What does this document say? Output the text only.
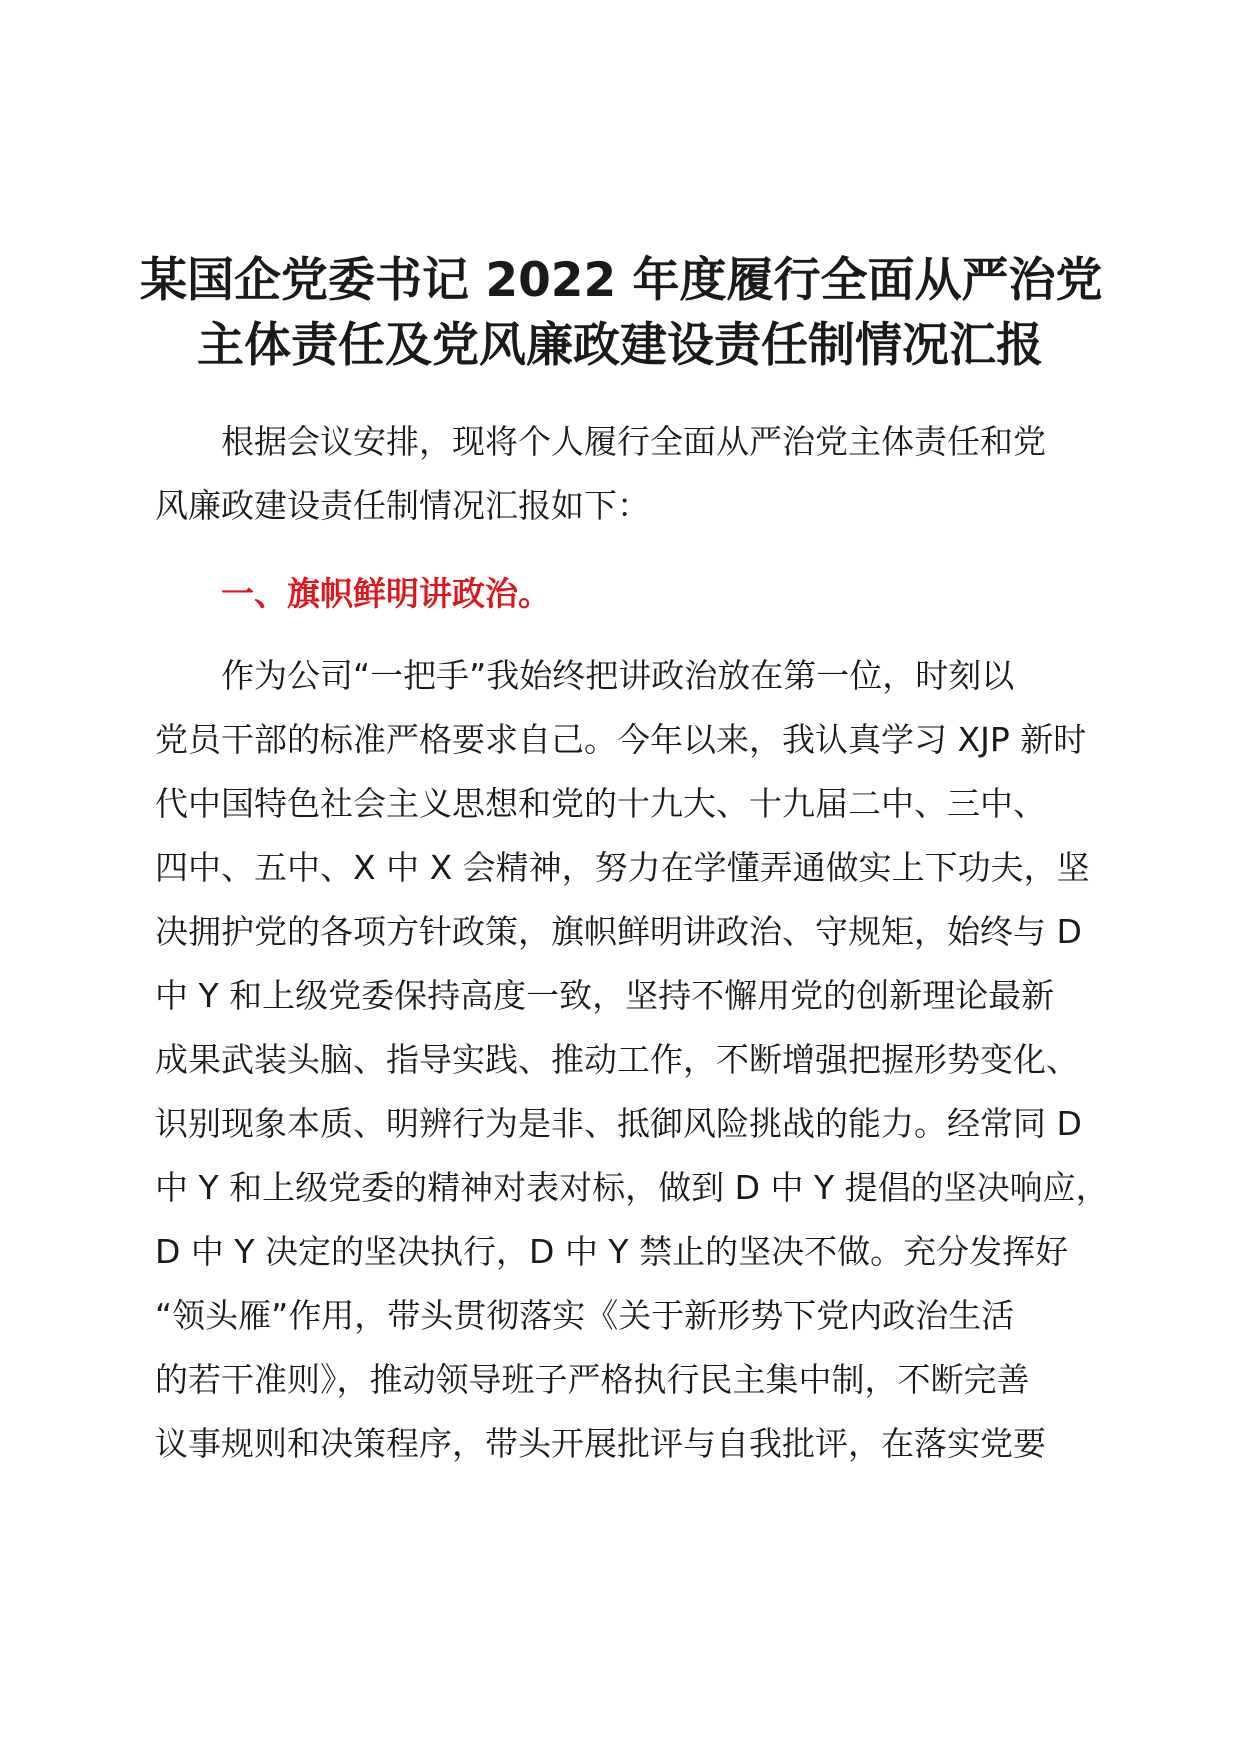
某国企党委书记 2022 年度履行全面从严治党
主体责任及党风廉政建设责任制情况汇报

根据会议安排，现将个人履行全面从严治党主体责任和党
风廉政建设责任制情况汇报如下：

一、旗帜鲜明讲政治。

作为公司“一把手”我始终把讲政治放在第一位，时刻以
党员干部的标准严格要求自己。今年以来，我认真学习 XJP 新时
代中国特色社会主义思想和党的十九大、十九届二中、三中、
四中、五中、X 中 X 会精神，努力在学懂弄通做实上下功夫，坚
决拥护党的各项方针政策，旗帜鲜明讲政治、守规矩，始终与 D
中 Y 和上级党委保持高度一致，坚持不懈用党的创新理论最新
成果武装头脑、指导实践、推动工作，不断增强把握形势变化、
识别现象本质、明辨行为是非、抵御风险挑战的能力。经常同 D
中 Y 和上级党委的精神对表对标，做到 D 中 Y 提倡的坚决响应，
D 中 Y 决定的坚决执行，D 中 Y 禁止的坚决不做。充分发挥好
“领头雁”作用，带头贯彻落实《关于新形势下党内政治生活
的若干准则》，推动领导班子严格执行民主集中制，不断完善
议事规则和决策程序，带头开展批评与自我批评，在落实党要
